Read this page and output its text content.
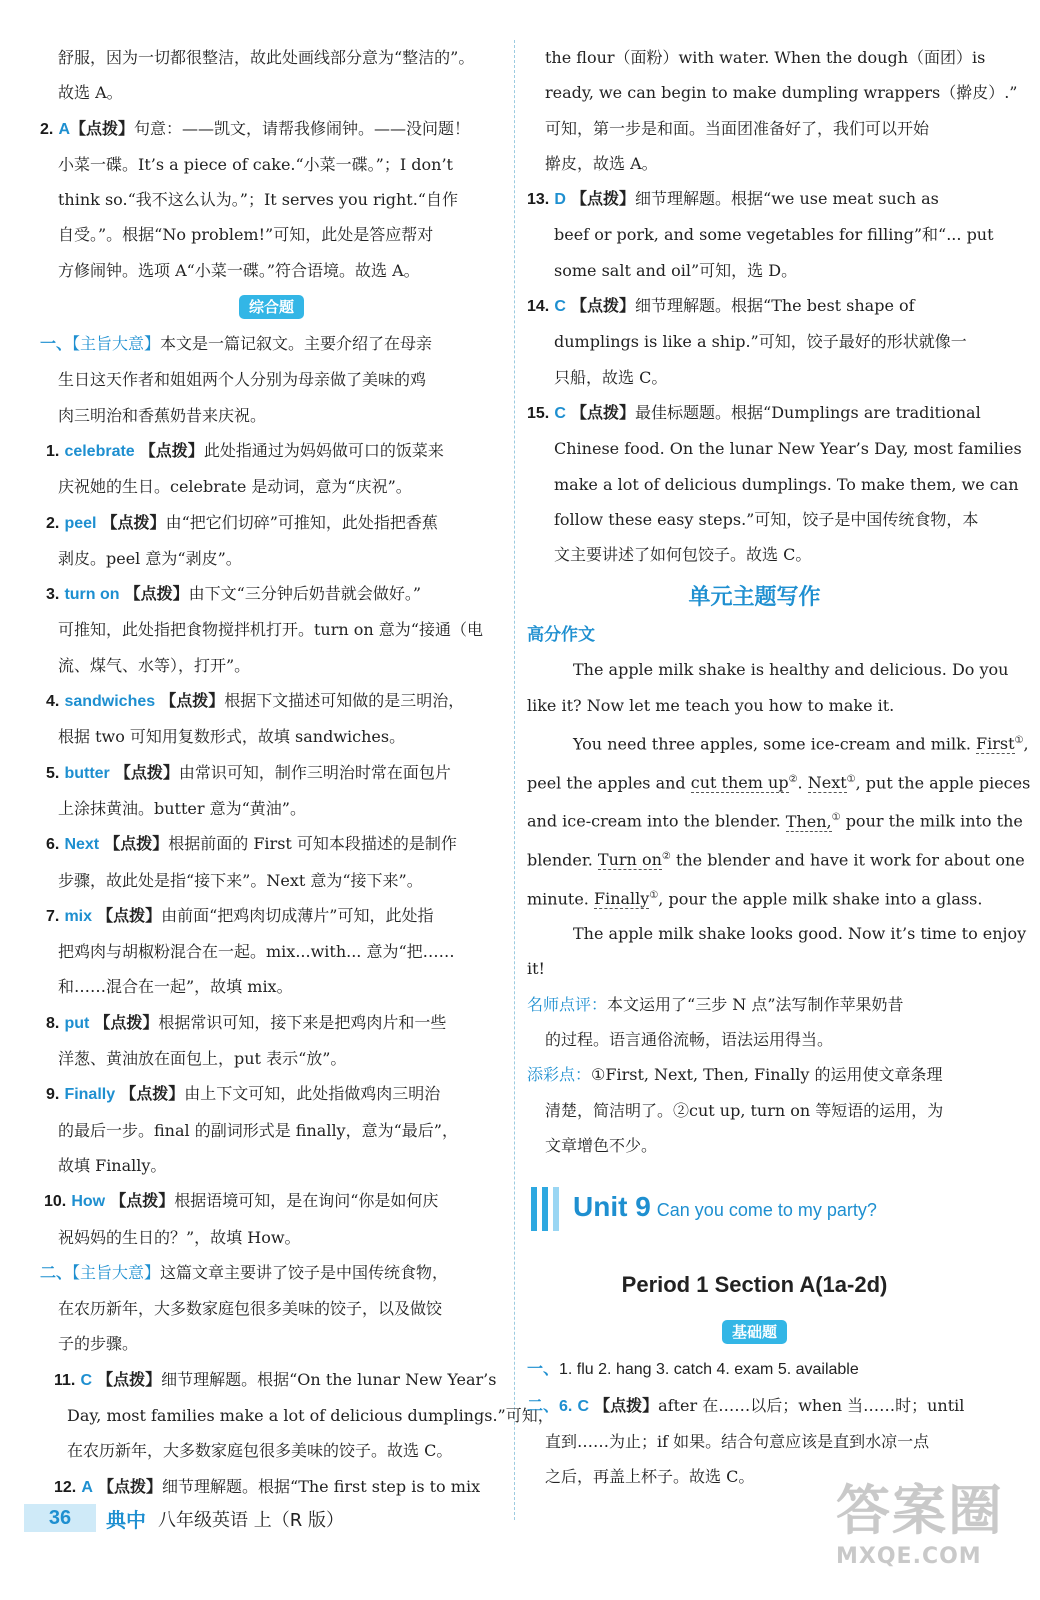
舒服，因为一切都很整洁，故此处画线部分意为“整洁的”。
故选 A。
2. A【点拨】句意：——凯文，请帮我修闹钟。——没问题！
小菜一碟。It’s a piece of cake.“小菜一碟。”；I don’t
think so.“我不这么认为。”；It serves you right.“自作
自受。”。根据“No problem!”可知，此处是答应帮对
方修闹钟。选项 A“小菜一碟。”符合语境。故选 A。
综合题
一、【主旨大意】本文是一篇记叙文。主要介绍了在母亲
生日这天作者和姐姐两个人分别为母亲做了美味的鸡
肉三明治和香蕉奶昔来庆祝。
1. celebrate 【点拨】此处指通过为妈妈做可口的饭菜来
庆祝她的生日。celebrate 是动词，意为“庆祝”。
2. peel 【点拨】由“把它们切碎”可推知，此处指把香蕉
剥皮。peel 意为“剥皮”。
3. turn on 【点拨】由下文“三分钟后奶昔就会做好。”
可推知，此处指把食物搅拌机打开。turn on 意为“接通（电
流、煤气、水等），打开”。
4. sandwiches 【点拨】根据下文描述可知做的是三明治，
根据 two 可知用复数形式，故填 sandwiches。
5. butter 【点拨】由常识可知，制作三明治时常在面包片
上涂抹黄油。butter 意为“黄油”。
6. Next 【点拨】根据前面的 First 可知本段描述的是制作
步骤，故此处是指“接下来”。Next 意为“接下来”。
7. mix 【点拨】由前面“把鸡肉切成薄片”可知，此处指
把鸡肉与胡椒粉混合在一起。mix...with... 意为“把……
和……混合在一起”，故填 mix。
8. put 【点拨】根据常识可知，接下来是把鸡肉片和一些
洋葱、黄油放在面包上，put 表示“放”。
9. Finally 【点拨】由上下文可知，此处指做鸡肉三明治
的最后一步。final 的副词形式是 finally，意为“最后”，
故填 Finally。
10. How 【点拨】根据语境可知，是在询问“你是如何庆
祝妈妈的生日的？”，故填 How。
二、【主旨大意】这篇文章主要讲了饺子是中国传统食物，
在农历新年，大多数家庭包很多美味的饺子，以及做饺
子的步骤。
11. C 【点拨】细节理解题。根据“On the lunar New Year’s
Day, most families make a lot of delicious dumplings.”可知，
在农历新年，大多数家庭包很多美味的饺子。故选 C。
12. A 【点拨】细节理解题。根据“The first step is to mix
the flour（面粉）with water. When the dough（面团）is
ready, we can begin to make dumpling wrappers（擀皮）.”
可知，第一步是和面。当面团准备好了，我们可以开始
擀皮，故选 A。
13. D 【点拨】细节理解题。根据“we use meat such as
beef or pork, and some vegetables for filling”和“... put
some salt and oil”可知，选 D。
14. C 【点拨】细节理解题。根据“The best shape of
dumplings is like a ship.”可知，饺子最好的形状就像一
只船，故选 C。
15. C 【点拨】最佳标题题。根据“Dumplings are traditional
Chinese food. On the lunar New Year’s Day, most families
make a lot of delicious dumplings. To make them, we can
follow these easy steps.”可知，饺子是中国传统食物，本
文主要讲述了如何包饺子。故选 C。
单元主题写作
高分作文
The apple milk shake is healthy and delicious. Do you
like it? Now let me teach you how to make it.
You need three apples, some ice-cream and milk. First①,
peel the apples and cut them up②. Next①, put the apple pieces
and ice-cream into the blender. Then,① pour the milk into the
blender. Turn on② the blender and have it work for about one
minute. Finally①, pour the apple milk shake into a glass.
The apple milk shake looks good. Now it’s time to enjoy
it!
名师点评：本文运用了“三步 N 点”法写制作苹果奶昔
的过程。语言通俗流畅，语法运用得当。
添彩点：①First, Next, Then, Finally 的运用使文章条理
清楚，简洁明了。②cut up, turn on 等短语的运用，为
文章增色不少。
Unit 9 Can you come to my party?
Period 1 Section A(1a-2d)
基础题
一、1. flu 2. hang 3. catch 4. exam 5. available
二、6. C 【点拨】after 在……以后；when 当……时；until
直到……为止；if 如果。结合句意应该是直到水凉一点
之后，再盖上杯子。故选 C。
36	典中 八年级英语 上（R 版）	答案圈
MXQE.COM
